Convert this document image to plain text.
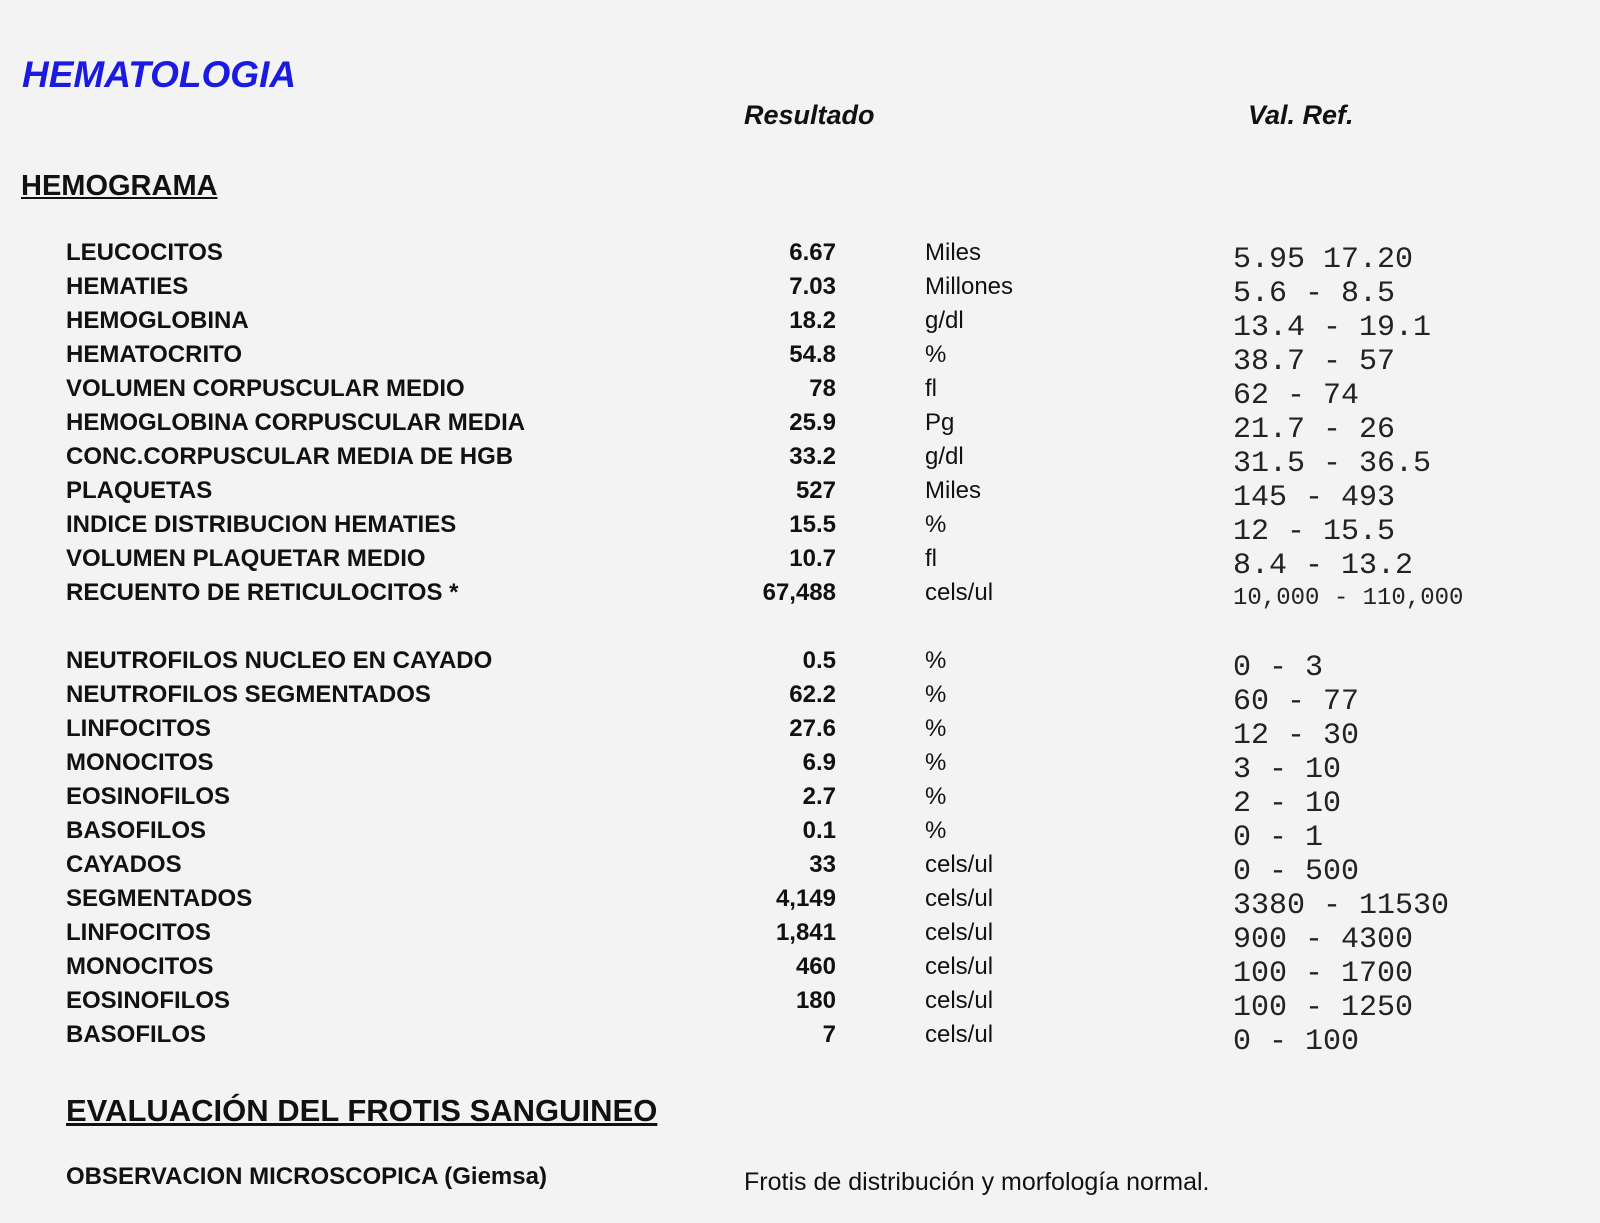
HEMATOLOGIA
Resultado	Val. Ref.
HEMOGRAMA
LEUCOCITOS	6.67	Miles	5.95 17.20
HEMATIES	7.03	Millones	5.6 - 8.5
HEMOGLOBINA	18.2	g/dl	13.4 - 19.1
HEMATOCRITO	54.8	%	38.7 - 57
VOLUMEN CORPUSCULAR MEDIO	78	fl	62 - 74
HEMOGLOBINA CORPUSCULAR MEDIA	25.9	Pg	21.7 - 26
CONC.CORPUSCULAR MEDIA DE HGB	33.2	g/dl	31.5 - 36.5
PLAQUETAS	527	Miles	145 - 493
INDICE DISTRIBUCION HEMATIES	15.5	%	12 - 15.5
VOLUMEN PLAQUETAR MEDIO	10.7	fl	8.4 - 13.2
RECUENTO DE RETICULOCITOS *	67,488	cels/ul	10,000 - 110,000
NEUTROFILOS NUCLEO EN CAYADO	0.5	%	0 - 3
NEUTROFILOS SEGMENTADOS	62.2	%	60 - 77
LINFOCITOS	27.6	%	12 - 30
MONOCITOS	6.9	%	3 - 10
EOSINOFILOS	2.7	%	2 - 10
BASOFILOS	0.1	%	0 - 1
CAYADOS	33	cels/ul	0 - 500
SEGMENTADOS	4,149	cels/ul	3380 - 11530
LINFOCITOS	1,841	cels/ul	900 - 4300
MONOCITOS	460	cels/ul	100 - 1700
EOSINOFILOS	180	cels/ul	100 - 1250
BASOFILOS	7	cels/ul	0 - 100
EVALUACIÓN DEL FROTIS SANGUINEO
OBSERVACION MICROSCOPICA (Giemsa)	Frotis de distribución y morfología normal.
